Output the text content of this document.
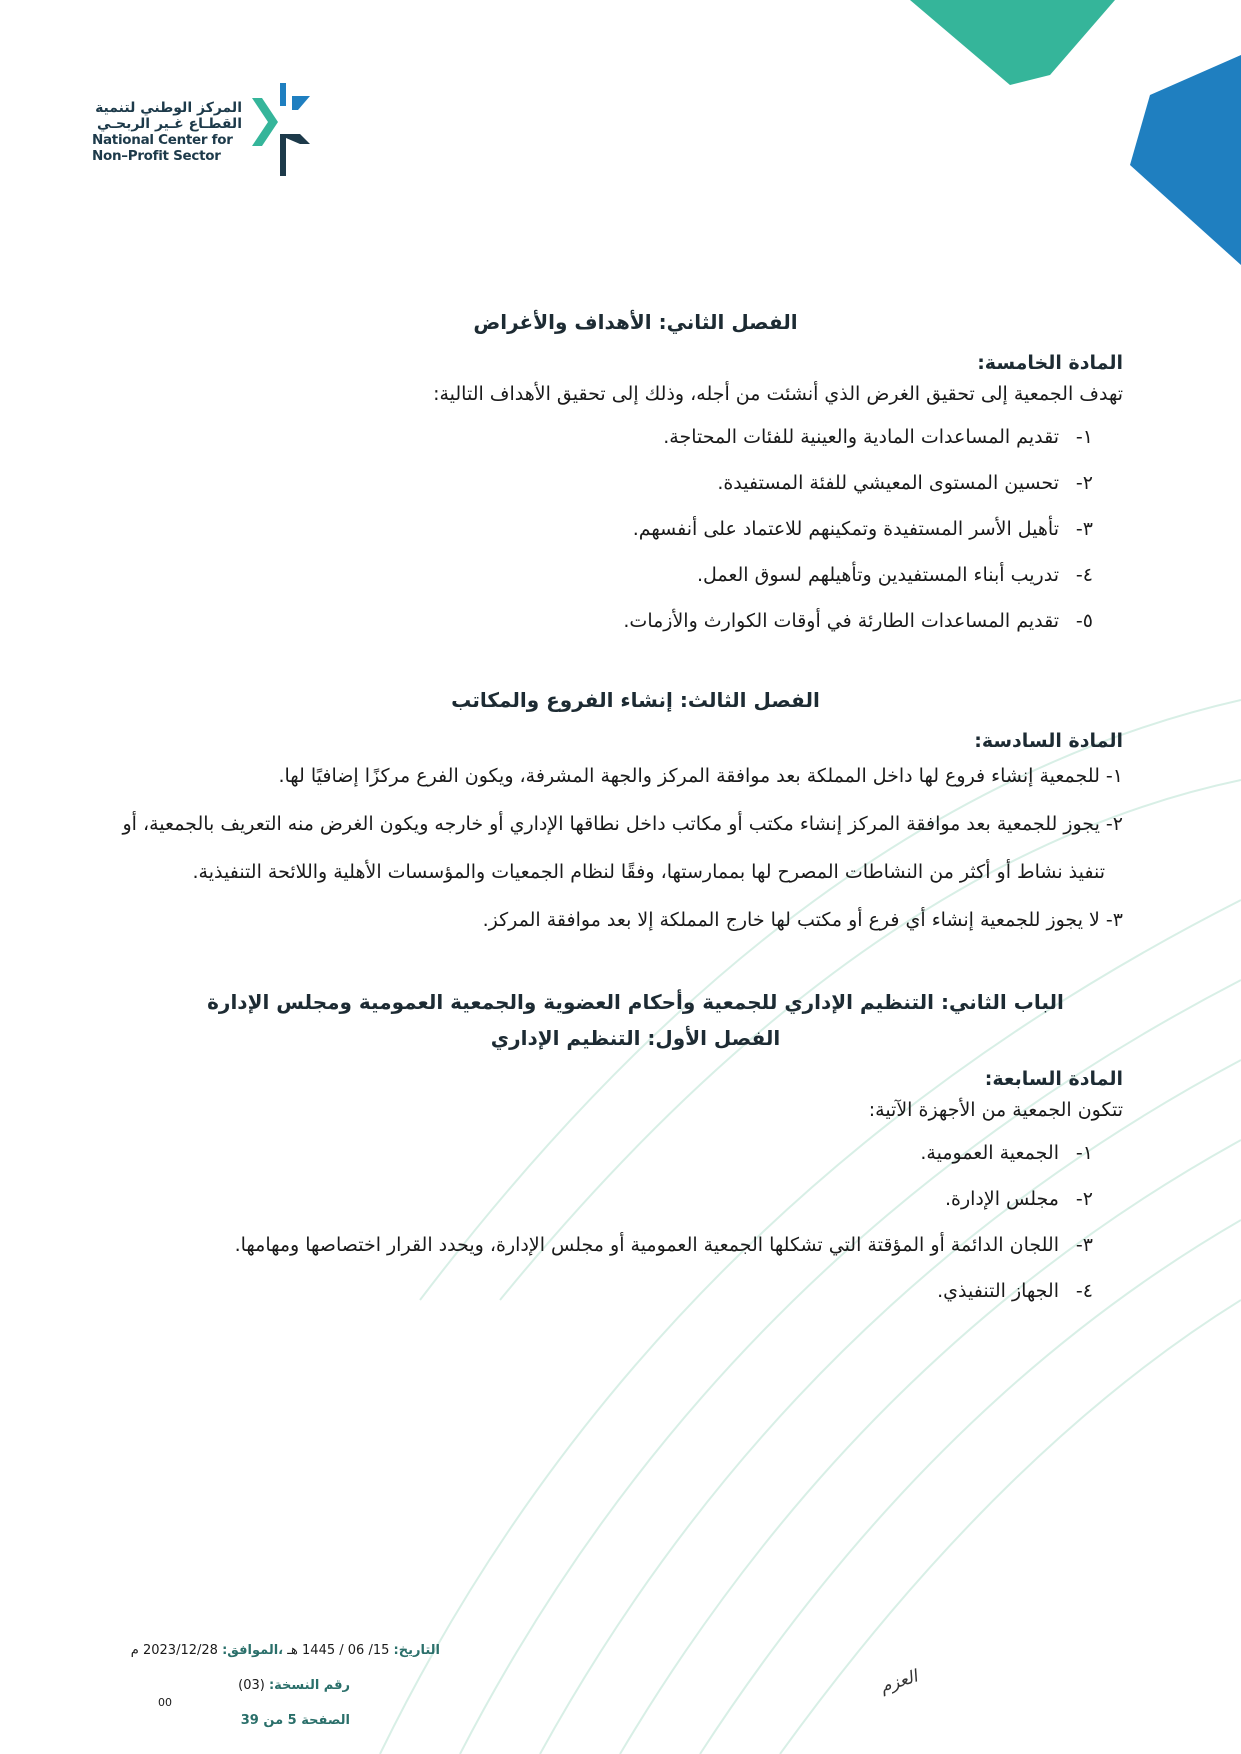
المركز الوطني لتنمية
القطـاع غـير الربحـي
National Center for
Non–Profit Sector
الفصل الثاني: الأهداف والأغراض

المادة الخامسة:

تهدف الجمعية إلى تحقيق الغرض الذي أنشئت من أجله، وذلك إلى تحقيق الأهداف التالية:

١-تقديم المساعدات المادية والعينية للفئات المحتاجة.

٢-تحسين المستوى المعيشي للفئة المستفيدة.

٣-تأهيل الأسر المستفيدة وتمكينهم للاعتماد على أنفسهم.

٤-تدريب أبناء المستفيدين وتأهيلهم لسوق العمل.

٥-تقديم المساعدات الطارئة في أوقات الكوارث والأزمات.

الفصل الثالث: إنشاء الفروع والمكاتب

المادة السادسة:

١- للجمعية إنشاء فروع لها داخل المملكة بعد موافقة المركز والجهة المشرفة، ويكون الفرع مركزًا إضافيًا لها.

٢- يجوز للجمعية بعد موافقة المركز إنشاء مكتب أو مكاتب داخل نطاقها الإداري أو خارجه ويكون الغرض منه التعريف بالجمعية، أو تنفيذ نشاط أو أكثر من النشاطات المصرح لها بممارستها، وفقًا لنظام الجمعيات والمؤسسات الأهلية واللائحة التنفيذية.

٣- لا يجوز للجمعية إنشاء أي فرع أو مكتب لها خارج المملكة إلا بعد موافقة المركز.

الباب الثاني: التنظيم الإداري للجمعية وأحكام العضوية والجمعية العمومية ومجلس الإدارة
الفصل الأول: التنظيم الإداري

المادة السابعة:

تتكون الجمعية من الأجهزة الآتية:

١-الجمعية العمومية.

٢-مجلس الإدارة.

٣-اللجان الدائمة أو المؤقتة التي تشكلها الجمعية العمومية أو مجلس الإدارة، ويحدد القرار اختصاصها ومهامها.

٤-الجهاز التنفيذي.

التاريخ: 15/ 06 / 1445 هـ ،الموافق: 2023/12/28 م
رقم النسخة: (03)
00
الصفحة 5 من 39
العزم
